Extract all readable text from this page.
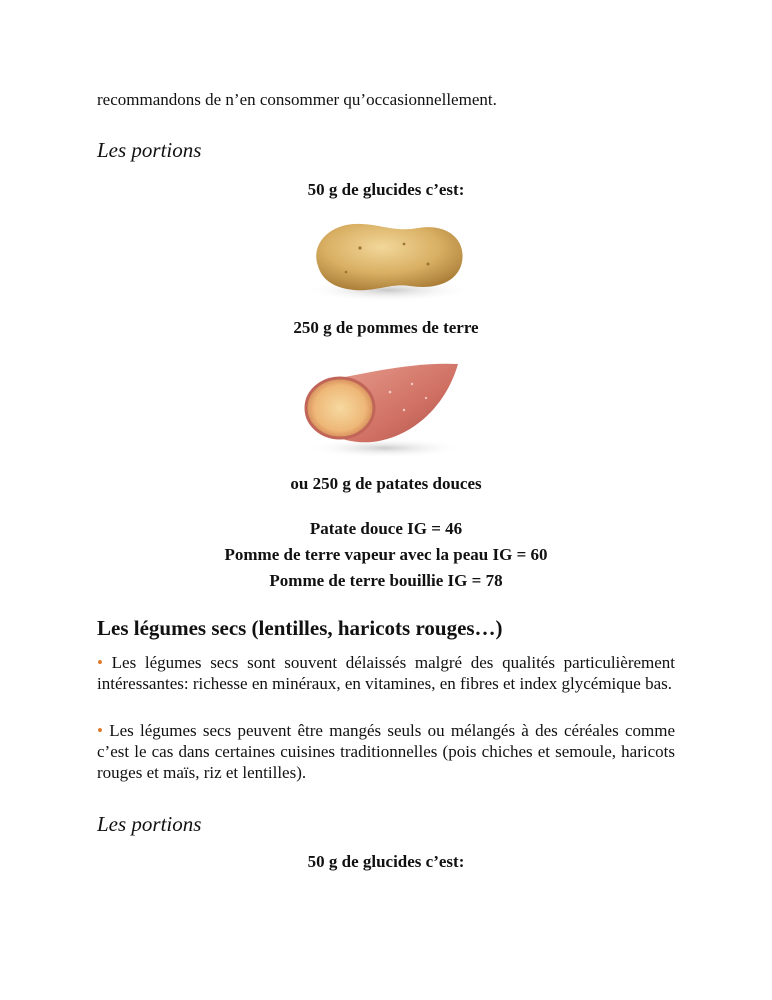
recommandons de n’en consommer qu’occasionnellement.
Les portions
50 g de glucides c’est:
250 g de pommes de terre
ou 250 g de patates douces
Patate douce IG = 46
Pomme de terre vapeur avec la peau IG = 60
Pomme de terre bouillie IG = 78
Les légumes secs (lentilles, haricots rouges…)
• Les légumes secs sont souvent délaissés malgré des qualités particulièrement intéressantes: richesse en minéraux, en vitamines, en fibres et index glycémique bas.
• Les légumes secs peuvent être mangés seuls ou mélangés à des céréales comme c’est le cas dans certaines cuisines traditionnelles (pois chiches et semoule, haricots rouges et maïs, riz et lentilles).
Les portions
50 g de glucides c’est:
